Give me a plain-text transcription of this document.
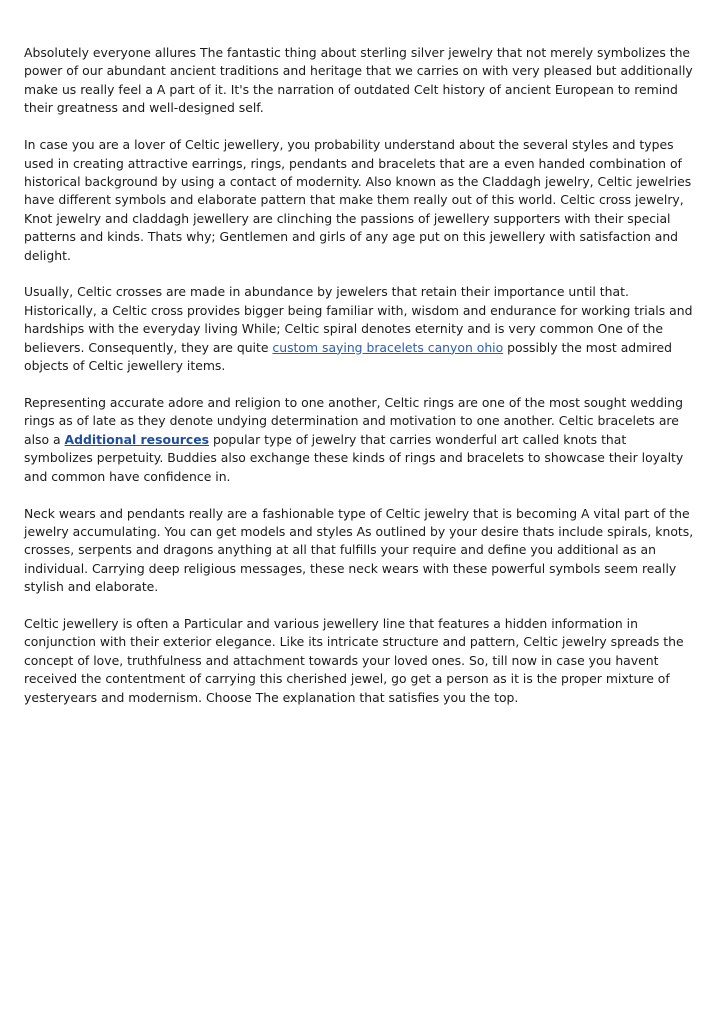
Absolutely everyone allures The fantastic thing about sterling silver jewelry that not merely symbolizes the power of our abundant ancient traditions and heritage that we carries on with very pleased but additionally make us really feel a A part of it. It's the narration of outdated Celt history of ancient European to remind their greatness and well-designed self.

In case you are a lover of Celtic jewellery, you probability understand about the several styles and types used in creating attractive earrings, rings, pendants and bracelets that are a even handed combination of historical background by using a contact of modernity. Also known as the Claddagh jewelry, Celtic jewelries have different symbols and elaborate pattern that make them really out of this world. Celtic cross jewelry, Knot jewelry and claddagh jewellery are clinching the passions of jewellery supporters with their special patterns and kinds. Thats why; Gentlemen and girls of any age put on this jewellery with satisfaction and delight.

Usually, Celtic crosses are made in abundance by jewelers that retain their importance until that. Historically, a Celtic cross provides bigger being familiar with, wisdom and endurance for working trials and hardships with the everyday living While; Celtic spiral denotes eternity and is very common One of the believers. Consequently, they are quite custom saying bracelets canyon ohio possibly the most admired objects of Celtic jewellery items.

Representing accurate adore and religion to one another, Celtic rings are one of the most sought wedding rings as of late as they denote undying determination and motivation to one another. Celtic bracelets are also a Additional resources popular type of jewelry that carries wonderful art called knots that symbolizes perpetuity. Buddies also exchange these kinds of rings and bracelets to showcase their loyalty and common have confidence in.

Neck wears and pendants really are a fashionable type of Celtic jewelry that is becoming A vital part of the jewelry accumulating. You can get models and styles As outlined by your desire thats include spirals, knots, crosses, serpents and dragons anything at all that fulfills your require and define you additional as an individual. Carrying deep religious messages, these neck wears with these powerful symbols seem really stylish and elaborate.

Celtic jewellery is often a Particular and various jewellery line that features a hidden information in conjunction with their exterior elegance. Like its intricate structure and pattern, Celtic jewelry spreads the concept of love, truthfulness and attachment towards your loved ones. So, till now in case you havent received the contentment of carrying this cherished jewel, go get a person as it is the proper mixture of yesteryears and modernism. Choose The explanation that satisfies you the top.
